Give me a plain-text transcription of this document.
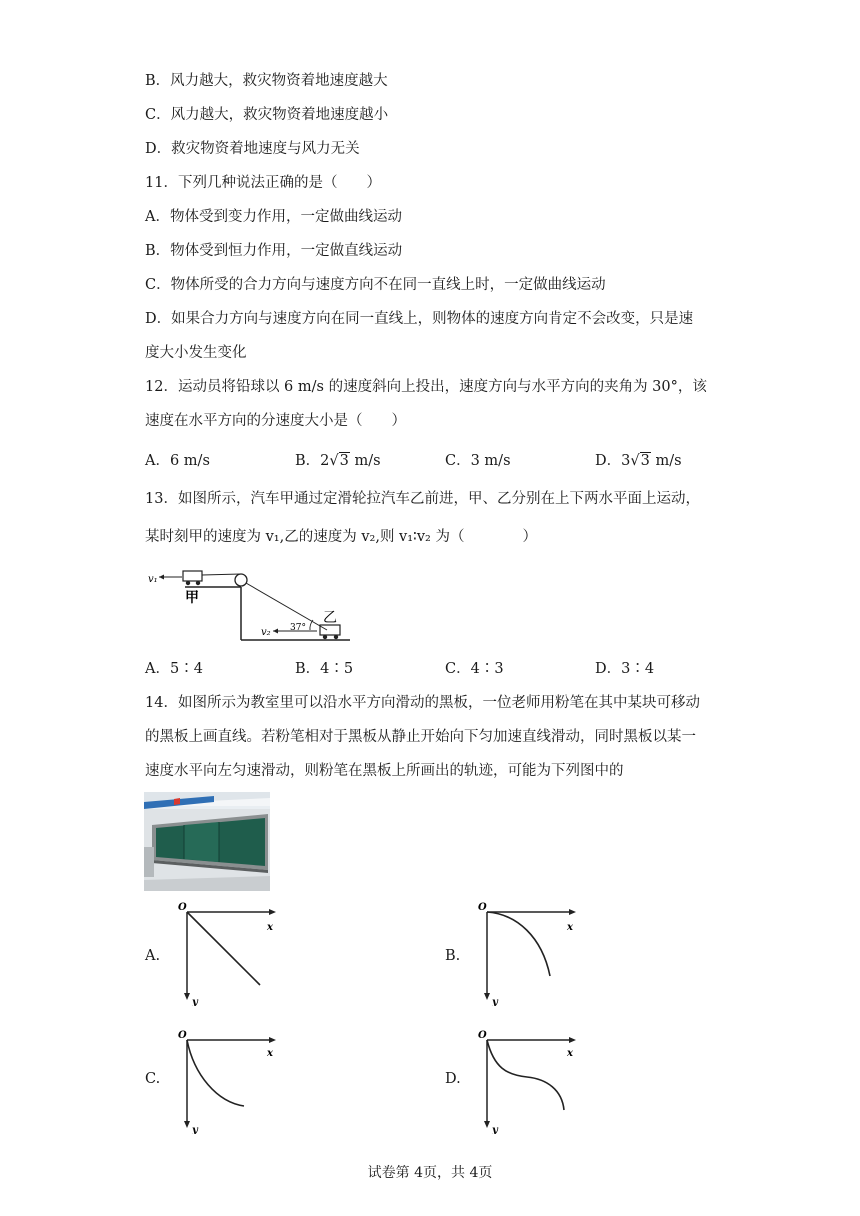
B．风力越大，救灾物资着地速度越大
C．风力越大，救灾物资着地速度越小
D．救灾物资着地速度与风力无关
11．下列几种说法正确的是（　　）
A．物体受到变力作用，一定做曲线运动
B．物体受到恒力作用，一定做直线运动
C．物体所受的合力方向与速度方向不在同一直线上时，一定做曲线运动
D．如果合力方向与速度方向在同一直线上，则物体的速度方向肯定不会改变，只是速
度大小发生变化
12．运动员将铅球以 6 m/s 的速度斜向上投出，速度方向与水平方向的夹角为 30°，该
速度在水平方向的分速度大小是（　　）
A．6 m/s	B．2√3 m/s	C．3 m/s	D．3√3 m/s
13．如图所示，汽车甲通过定滑轮拉汽车乙前进，甲、乙分别在上下两水平面上运动，
某时刻甲的速度为 v₁,乙的速度为 v₂,则 v₁∶v₂ 为（　　　　）
v₁
甲
乙
37°
v₂
A．5∶4	B．4∶5	C．4∶3	D．3∶4
14．如图所示为教室里可以沿水平方向滑动的黑板，一位老师用粉笔在其中某块可移动
的黑板上画直线。若粉笔相对于黑板从静止开始向下匀加速直线滑动，同时黑板以某一
速度水平向左匀速滑动，则粉笔在黑板上所画出的轨迹，可能为下列图中的
O
x
y
A.
O
x
y
B.
O
x
y
C.
O
x
y
D.
试卷第 4页，共 4页
